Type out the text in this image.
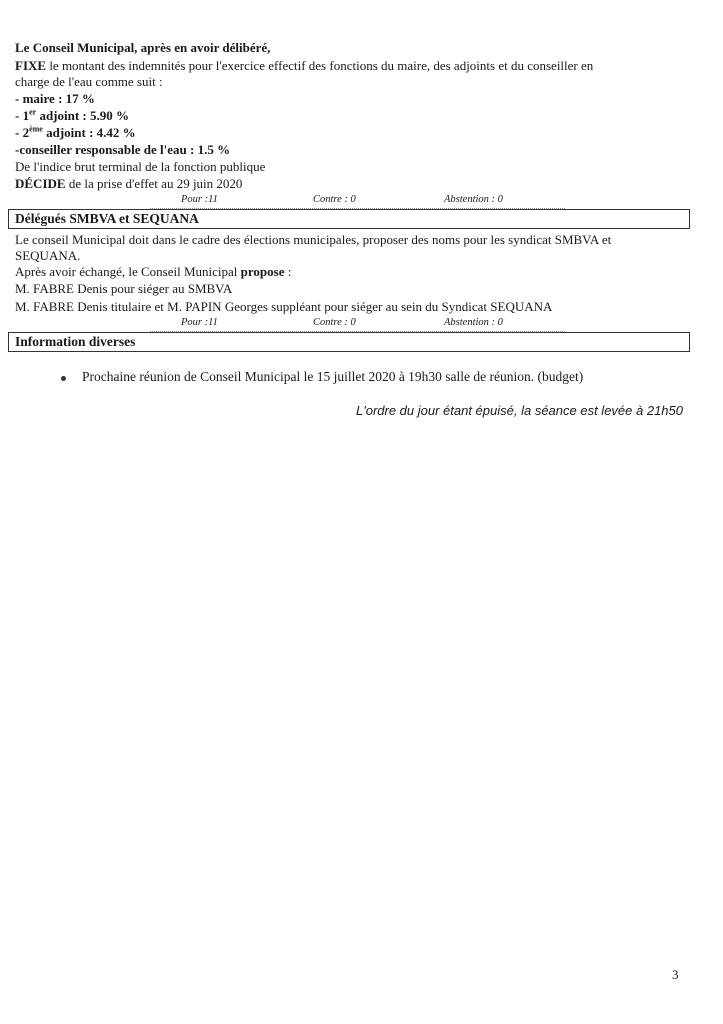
Le Conseil Municipal, après en avoir délibéré,
FIXE le montant des indemnités pour l'exercice effectif des fonctions du maire, des adjoints et du conseiller en
charge de l'eau comme suit :
- maire : 17 %
- 1er adjoint : 5.90 %
- 2ème adjoint : 4.42 %
-conseiller responsable de l'eau : 1.5 %
De l'indice brut terminal de la fonction publique
DÉCIDE de la prise d'effet au 29 juin 2020
Pour :11	Contre : 0	Abstention : 0
Délégués SMBVA et SEQUANA
Le conseil Municipal doit dans le cadre des élections municipales, proposer des noms pour les syndicat SMBVA et
SEQUANA.
Après avoir échangé, le Conseil Municipal propose :
M. FABRE Denis pour siéger au SMBVA
M. FABRE Denis titulaire et M. PAPIN Georges suppléant pour siéger au sein du Syndicat SEQUANA
Pour :11	Contre : 0	Abstention : 0
Information diverses
Prochaine réunion de Conseil Municipal le 15 juillet 2020 à 19h30 salle de réunion. (budget)
L'ordre du jour étant épuisé, la séance est levée à 21h50
3
